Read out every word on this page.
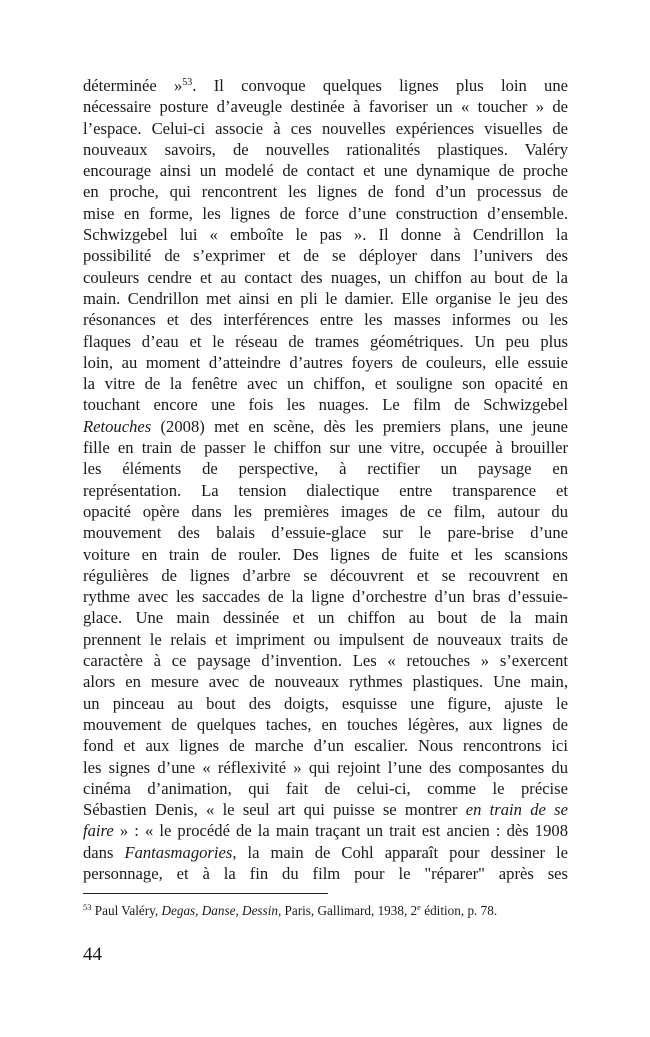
déterminée »$^{53}$. Il convoque quelques lignes plus loin une
nécessaire posture d’aveugle destinée à favoriser un « toucher » de
l’espace. Celui-ci associe à ces nouvelles expériences visuelles de
nouveaux savoirs, de nouvelles rationalités plastiques. Valéry
encourage ainsi un modelé de contact et une dynamique de proche
en proche, qui rencontrent les lignes de fond d’un processus de
mise en forme, les lignes de force d’une construction d’ensemble.
Schwizgebel lui « emboîte le pas ». Il donne à Cendrillon la
possibilité de s’exprimer et de se déployer dans l’univers des
couleurs cendre et au contact des nuages, un chiffon au bout de la
main. Cendrillon met ainsi en pli le damier. Elle organise le jeu des
résonances et des interférences entre les masses informes ou les
flaques d’eau et le réseau de trames géométriques. Un peu plus
loin, au moment d’atteindre d’autres foyers de couleurs, elle essuie
la vitre de la fenêtre avec un chiffon, et souligne son opacité en
touchant encore une fois les nuages. Le film de Schwizgebel
Retouches (2008) met en scène, dès les premiers plans, une jeune
fille en train de passer le chiffon sur une vitre, occupée à brouiller
les éléments de perspective, à rectifier un paysage en
représentation. La tension dialectique entre transparence et
opacité opère dans les premières images de ce film, autour du
mouvement des balais d’essuie-glace sur le pare-brise d’une
voiture en train de rouler. Des lignes de fuite et les scansions
régulières de lignes d’arbre se découvrent et se recouvrent en
rythme avec les saccades de la ligne d’orchestre d’un bras d’essuie-
glace. Une main dessinée et un chiffon au bout de la main
prennent le relais et impriment ou impulsent de nouveaux traits de
caractère à ce paysage d’invention. Les « retouches » s’exercent
alors en mesure avec de nouveaux rythmes plastiques. Une main,
un pinceau au bout des doigts, esquisse une figure, ajuste le
mouvement de quelques taches, en touches légères, aux lignes de
fond et aux lignes de marche d’un escalier. Nous rencontrons ici
les signes d’une « réflexivité » qui rejoint l’une des composantes du
cinéma d’animation, qui fait de celui-ci, comme le précise
Sébastien Denis, « le seul art qui puisse se montrer en train de se
faire » : « le procédé de la main traçant un trait est ancien : dès 1908
dans Fantasmagories, la main de Cohl apparaît pour dessiner le
personnage, et à la fin du film pour le "réparer" après ses
$^{53}$ Paul Valéry, Degas, Danse, Dessin, Paris, Gallimard, 1938, 2e édition, p. 78.
44
